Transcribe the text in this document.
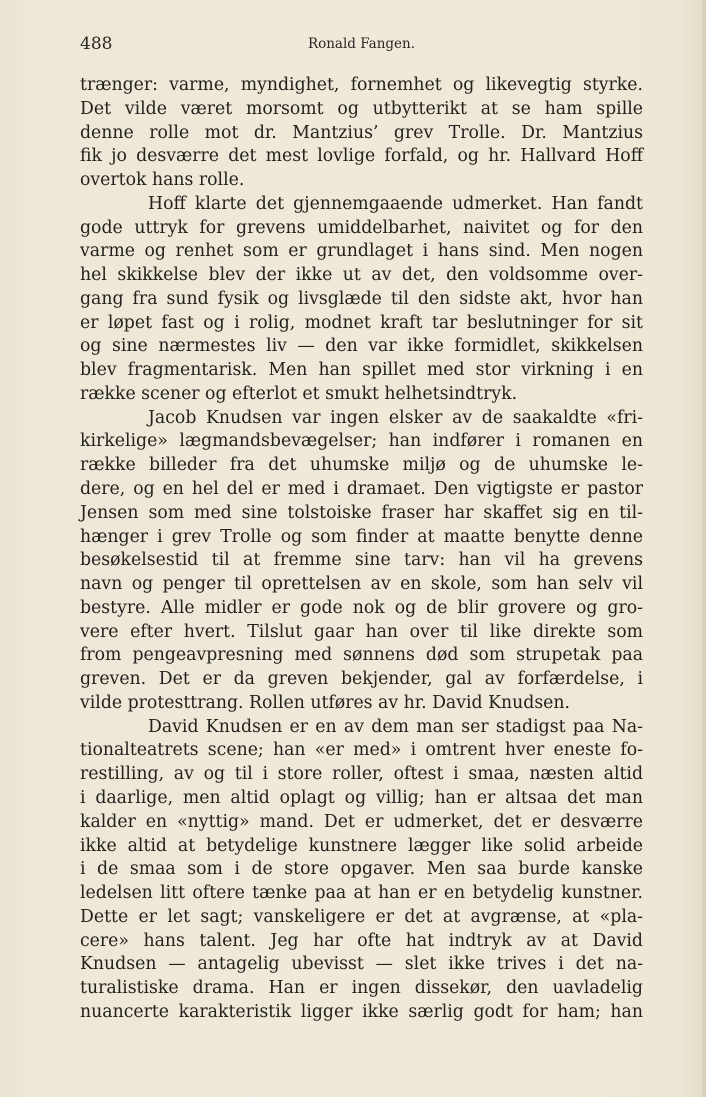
488	Ronald Fangen.
trænger: varme, myndighet, fornemhet og likevegtig styrke.
Det vilde været morsomt og utbytterikt at se ham spille
denne rolle mot dr. Mantzius’ grev Trolle. Dr. Mantzius
fik jo desværre det mest lovlige forfald, og hr. Hallvard Hoff
overtok hans rolle.
Hoff klarte det gjennemgaaende udmerket. Han fandt
gode uttryk for grevens umiddelbarhet, naivitet og for den
varme og renhet som er grundlaget i hans sind. Men nogen
hel skikkelse blev der ikke ut av det, den voldsomme over-
gang fra sund fysik og livsglæde til den sidste akt, hvor han
er løpet fast og i rolig, modnet kraft tar beslutninger for sit
og sine nærmestes liv — den var ikke formidlet, skikkelsen
blev fragmentarisk. Men han spillet med stor virkning i en
række scener og efterlot et smukt helhetsindtryk.
Jacob Knudsen var ingen elsker av de saakaldte «fri-
kirkelige» lægmandsbevægelser; han indfører i romanen en
række billeder fra det uhumske miljø og de uhumske le-
dere, og en hel del er med i dramaet. Den vigtigste er pastor
Jensen som med sine tolstoiske fraser har skaffet sig en til-
hænger i grev Trolle og som finder at maatte benytte denne
besøkelsestid til at fremme sine tarv: han vil ha grevens
navn og penger til oprettelsen av en skole, som han selv vil
bestyre. Alle midler er gode nok og de blir grovere og gro-
vere efter hvert. Tilslut gaar han over til like direkte som
from pengeavpresning med sønnens død som strupetak paa
greven. Det er da greven bekjender, gal av forfærdelse, i
vilde protesttrang. Rollen utføres av hr. David Knudsen.
David Knudsen er en av dem man ser stadigst paa Na-
tionalteatrets scene; han «er med» i omtrent hver eneste fo-
restilling, av og til i store roller, oftest i smaa, næsten altid
i daarlige, men altid oplagt og villig; han er altsaa det man
kalder en «nyttig» mand. Det er udmerket, det er desværre
ikke altid at betydelige kunstnere lægger like solid arbeide
i de smaa som i de store opgaver. Men saa burde kanske
ledelsen litt oftere tænke paa at han er en betydelig kunstner.
Dette er let sagt; vanskeligere er det at avgrænse, at «pla-
cere» hans talent. Jeg har ofte hat indtryk av at David
Knudsen — antagelig ubevisst — slet ikke trives i det na-
turalistiske drama. Han er ingen dissekør, den uavladelig
nuancerte karakteristik ligger ikke særlig godt for ham; han
